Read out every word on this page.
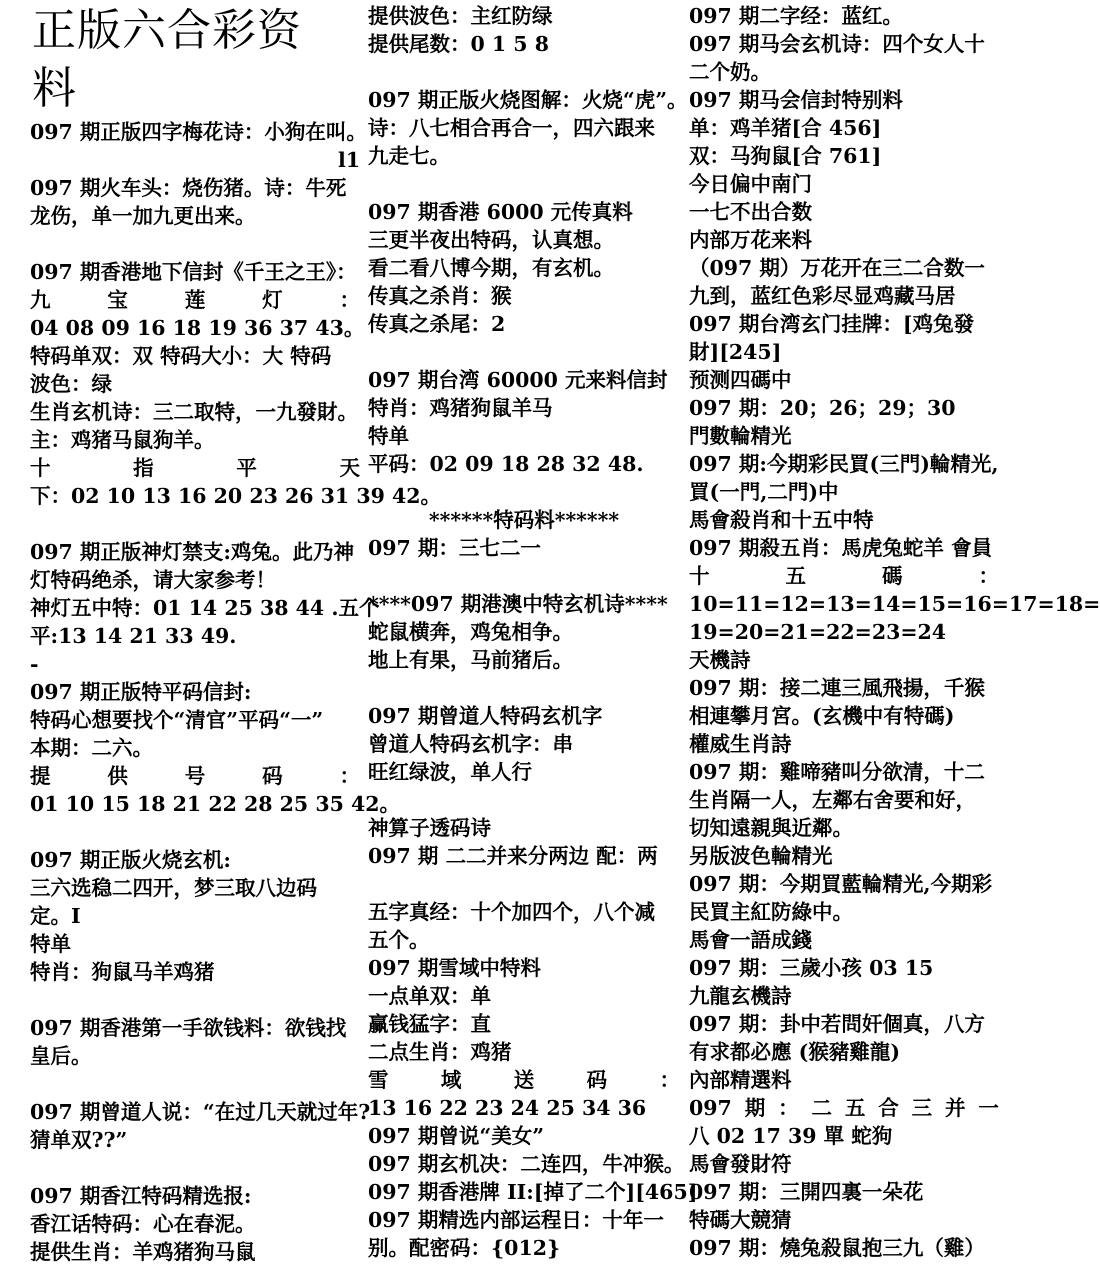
正版六合彩资
料
097 期正版四字梅花诗：小狗在叫。
l1
097 期火车头：烧伤猪。诗：牛死
龙伤，单一加九更出来。
097 期香港地下信封《千王之王》：
九	宝	莲	灯	：
04 08 09 16 18 19 36 37 43。
特码单双：双 特码大小：大 特码
波色：绿
生肖玄机诗：三二取特，一九發財。
主：鸡猪马鼠狗羊。
十	指	平	天
下：02 10 13 16 20 23 26 31 39 42。
097 期正版神灯禁支:鸡兔。此乃神
灯特码绝杀，请大家参考！
神灯五中特：01 14 25 38 44 .五个
平:13 14 21 33 49.
-
097 期正版特平码信封:
特码心想要找个“清官”平码“一”
本期：二六。
提	供	号	码	：
01 10 15 18 21 22 28 25 35 42。
097 期正版火烧玄机:
三六选稳二四开，梦三取八边码
定。I
特单
特肖：狗鼠马羊鸡猪
097 期香港第一手欲钱料：欲钱找
皇后。
097 期曾道人说：“在过几天就过年?
猜单双??”
097 期香江特码精选报:
香江话特码：心在春泥。
提供生肖：羊鸡猪狗马鼠
提供波色：主红防绿
提供尾数：0 1 5 8
097 期正版火烧图解：火烧“虎”。
诗：八七相合再合一，四六跟来
九走七。
097 期香港 6000 元传真料
三更半夜出特码，认真想。
看二看八博今期，有玄机。
传真之杀肖：猴
传真之杀尾：2
097 期台湾 60000 元来料信封
特肖：鸡猪狗鼠羊马
特单
平码：02 09 18 28 32 48.
******特码料******
097 期：三七二一
****097 期港澳中特玄机诗****
蛇鼠横奔，鸡兔相争。
地上有果，马前猪后。
097 期曾道人特码玄机字
曾道人特码玄机字：串
旺红绿波，单人行
神算子透码诗
097 期 二二并来分两边 配：两
五字真经：十个加四个，八个减
五个。
097 期雪域中特料
一点单双：单
赢钱猛字：直
二点生肖：鸡猪
雪	域	送	码	：
13 16 22 23 24 25 34 36
097 期曾说“美女”
097 期玄机决：二连四，牛冲猴。
097 期香港牌 II:[掉了二个][465]
097 期精选内部运程日：十年一
别。配密码：{012}
097 期二字经：蓝红。
097 期马会玄机诗：四个女人十
二个奶。
097 期马会信封特别料
单：鸡羊猪[合 456]
双：马狗鼠[合 761]
今日偏中南门
一七不出合数
内部万花来料
（097 期）万花开在三二合数一
九到，蓝红色彩尽显鸡藏马居
097 期台湾玄门挂牌：[鸡兔發
財][245]
预测四碼中
097 期：20；26；29；30
門數輪精光
097 期:今期彩民買(三門)輪精光,
買(一門,二門)中
馬會殺肖和十五中特
097 期殺五肖：馬虎兔蛇羊 會員
十	五	碼	：
10=11=12=13=14=15=16=17=18=
19=20=21=22=23=24
天機詩
097 期：接二連三風飛揚，千猴
相連攀月宮。(玄機中有特碼)
權威生肖詩
097 期：雞啼豬叫分欲清，十二
生肖隔一人，左鄰右舍要和好，
切知遠親與近鄰。
另版波色輪精光
097 期：今期買藍輪精光,今期彩
民買主紅防綠中。
馬會一語成錢
097 期：三歲小孩 03 15
九龍玄機詩
097 期：卦中若問奸個真，八方
有求都必應 (猴豬雞龍)
內部精選料
097 期 ： 二 五 合 三 并 一
八 02 17 39 單 蛇狗
馬會發財符
097 期：三開四裏一朵花
特碼大競猜
097 期：燒兔殺鼠抱三九（雞）
